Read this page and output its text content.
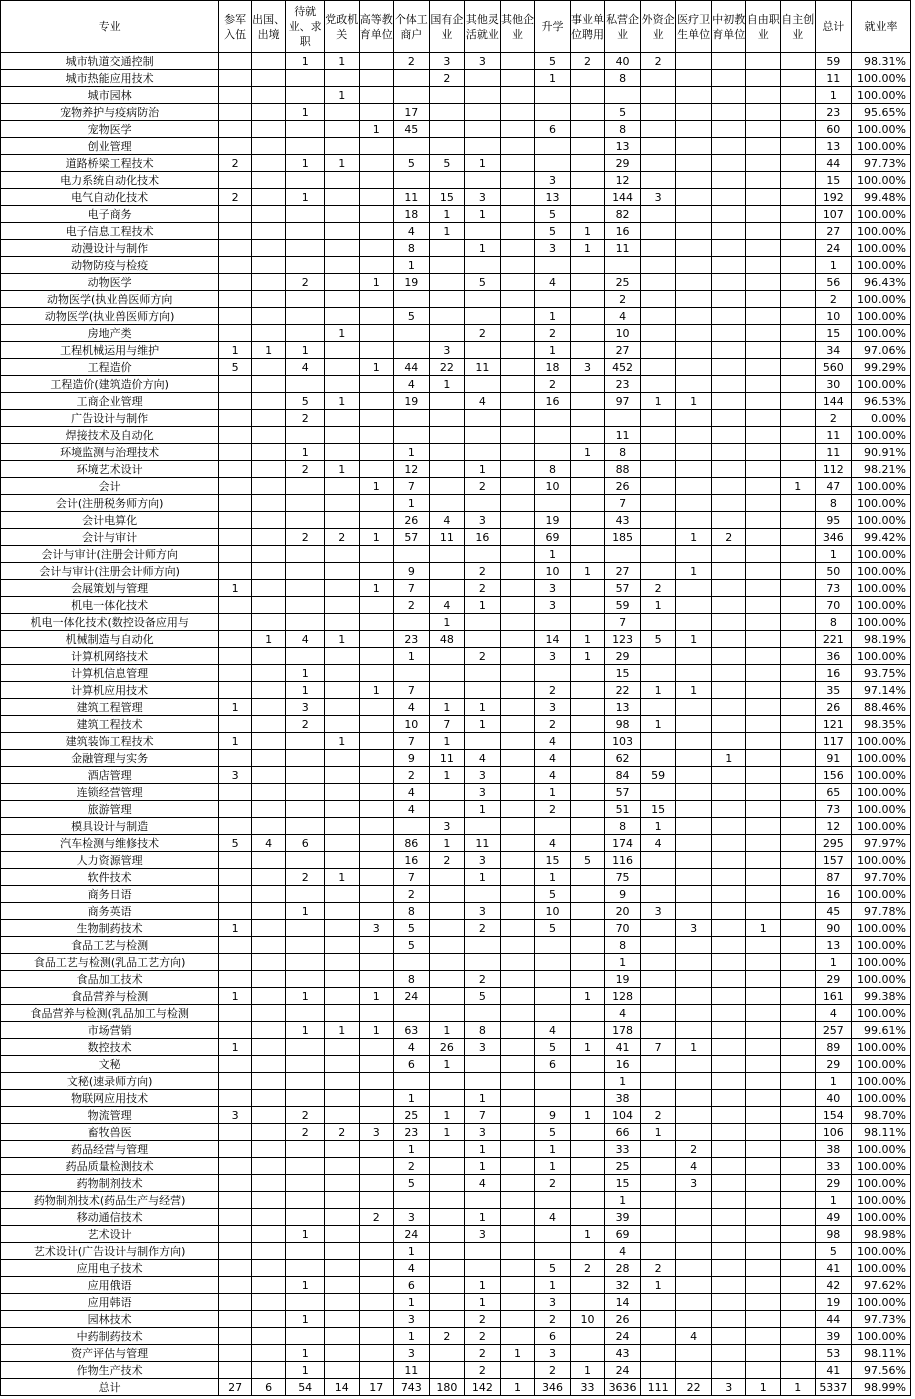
专业	参军入伍	出国、出境	待就业、求职	党政机关	高等教育单位	个体工商户	国有企业	其他灵活就业	其他企业	升学	事业单位聘用	私营企业	外资企业	医疗卫生单位	中初教育单位	自由职业	自主创业	总计	就业率
城市轨道交通控制			1	1		2	3	3		5	2	40	2					59	98.31%
城市热能应用技术							2			1		8						11	100.00%
城市园林				1														1	100.00%
宠物养护与疫病防治			1			17						5						23	95.65%
宠物医学					1	45				6		8						60	100.00%
创业管理												13						13	100.00%
道路桥梁工程技术	2		1	1		5	5	1				29						44	97.73%
电力系统自动化技术										3		12						15	100.00%
电气自动化技术	2		1			11	15	3		13		144	3					192	99.48%
电子商务						18	1	1		5		82						107	100.00%
电子信息工程技术						4	1			5	1	16						27	100.00%
动漫设计与制作						8		1		3	1	11						24	100.00%
动物防疫与检疫						1												1	100.00%
动物医学			2		1	19		5		4		25						56	96.43%
动物医学(执业兽医师方向												2						2	100.00%
动物医学(执业兽医师方向)						5				1		4						10	100.00%
房地产类				1				2		2		10						15	100.00%
工程机械运用与维护	1	1	1				3			1		27						34	97.06%
工程造价	5		4		1	44	22	11		18	3	452						560	99.29%
工程造价(建筑造价方向)						4	1			2		23						30	100.00%
工商企业管理			5	1		19		4		16		97	1	1				144	96.53%
广告设计与制作			2															2	0.00%
焊接技术及自动化												11						11	100.00%
环境监测与治理技术			1			1					1	8						11	90.91%
环境艺术设计			2	1		12		1		8		88						112	98.21%
会计					1	7		2		10		26					1	47	100.00%
会计(注册税务师方向)						1						7						8	100.00%
会计电算化						26	4	3		19		43						95	100.00%
会计与审计			2	2	1	57	11	16		69		185		1	2			346	99.42%
会计与审计(注册会计师方向										1								1	100.00%
会计与审计(注册会计师方向)						9		2		10	1	27		1				50	100.00%
会展策划与管理	1				1	7		2		3		57	2					73	100.00%
机电一体化技术						2	4	1		3		59	1					70	100.00%
机电一体化技术(数控设备应用与							1					7						8	100.00%
机械制造与自动化		1	4	1		23	48			14	1	123	5	1				221	98.19%
计算机网络技术						1		2		3	1	29						36	100.00%
计算机信息管理			1									15						16	93.75%
计算机应用技术			1		1	7				2		22	1	1				35	97.14%
建筑工程管理	1		3			4	1	1		3		13						26	88.46%
建筑工程技术			2			10	7	1		2		98	1					121	98.35%
建筑装饰工程技术	1			1		7	1			4		103						117	100.00%
金融管理与实务						9	11	4		4		62			1			91	100.00%
酒店管理	3					2	1	3		4		84	59					156	100.00%
连锁经营管理						4		3		1		57						65	100.00%
旅游管理						4		1		2		51	15					73	100.00%
模具设计与制造							3					8	1					12	100.00%
汽车检测与维修技术	5	4	6			86	1	11		4		174	4					295	97.97%
人力资源管理						16	2	3		15	5	116						157	100.00%
软件技术			2	1		7		1		1		75						87	97.70%
商务日语						2				5		9						16	100.00%
商务英语			1			8		3		10		20	3					45	97.78%
生物制药技术	1				3	5		2		5		70		3		1		90	100.00%
食品工艺与检测						5						8						13	100.00%
食品工艺与检测(乳品工艺方向)												1						1	100.00%
食品加工技术						8		2				19						29	100.00%
食品营养与检测	1		1		1	24		5			1	128						161	99.38%
食品营养与检测(乳品加工与检测												4						4	100.00%
市场营销			1	1	1	63	1	8		4		178						257	99.61%
数控技术	1					4	26	3		5	1	41	7	1				89	100.00%
文秘						6	1			6		16						29	100.00%
文秘(速录师方向)												1						1	100.00%
物联网应用技术						1		1				38						40	100.00%
物流管理	3		2			25	1	7		9	1	104	2					154	98.70%
畜牧兽医			2	2	3	23	1	3		5		66	1					106	98.11%
药品经营与管理						1		1		1		33		2				38	100.00%
药品质量检测技术						2		1		1		25		4				33	100.00%
药物制剂技术						5		4		2		15		3				29	100.00%
药物制剂技术(药品生产与经营)												1						1	100.00%
移动通信技术					2	3		1		4		39						49	100.00%
艺术设计			1			24		3			1	69						98	98.98%
艺术设计(广告设计与制作方向)						1						4						5	100.00%
应用电子技术						4				5	2	28	2					41	100.00%
应用俄语			1			6		1		1		32	1					42	97.62%
应用韩语						1		1		3		14						19	100.00%
园林技术			1			3		2		2	10	26						44	97.73%
中药制药技术						1	2	2		6		24		4				39	100.00%
资产评估与管理			1			3		2	1	3		43						53	98.11%
作物生产技术			1			11		2		2	1	24						41	97.56%
总计	27	6	54	14	17	743	180	142	1	346	33	3636	111	22	3	1	1	5337	98.99%
